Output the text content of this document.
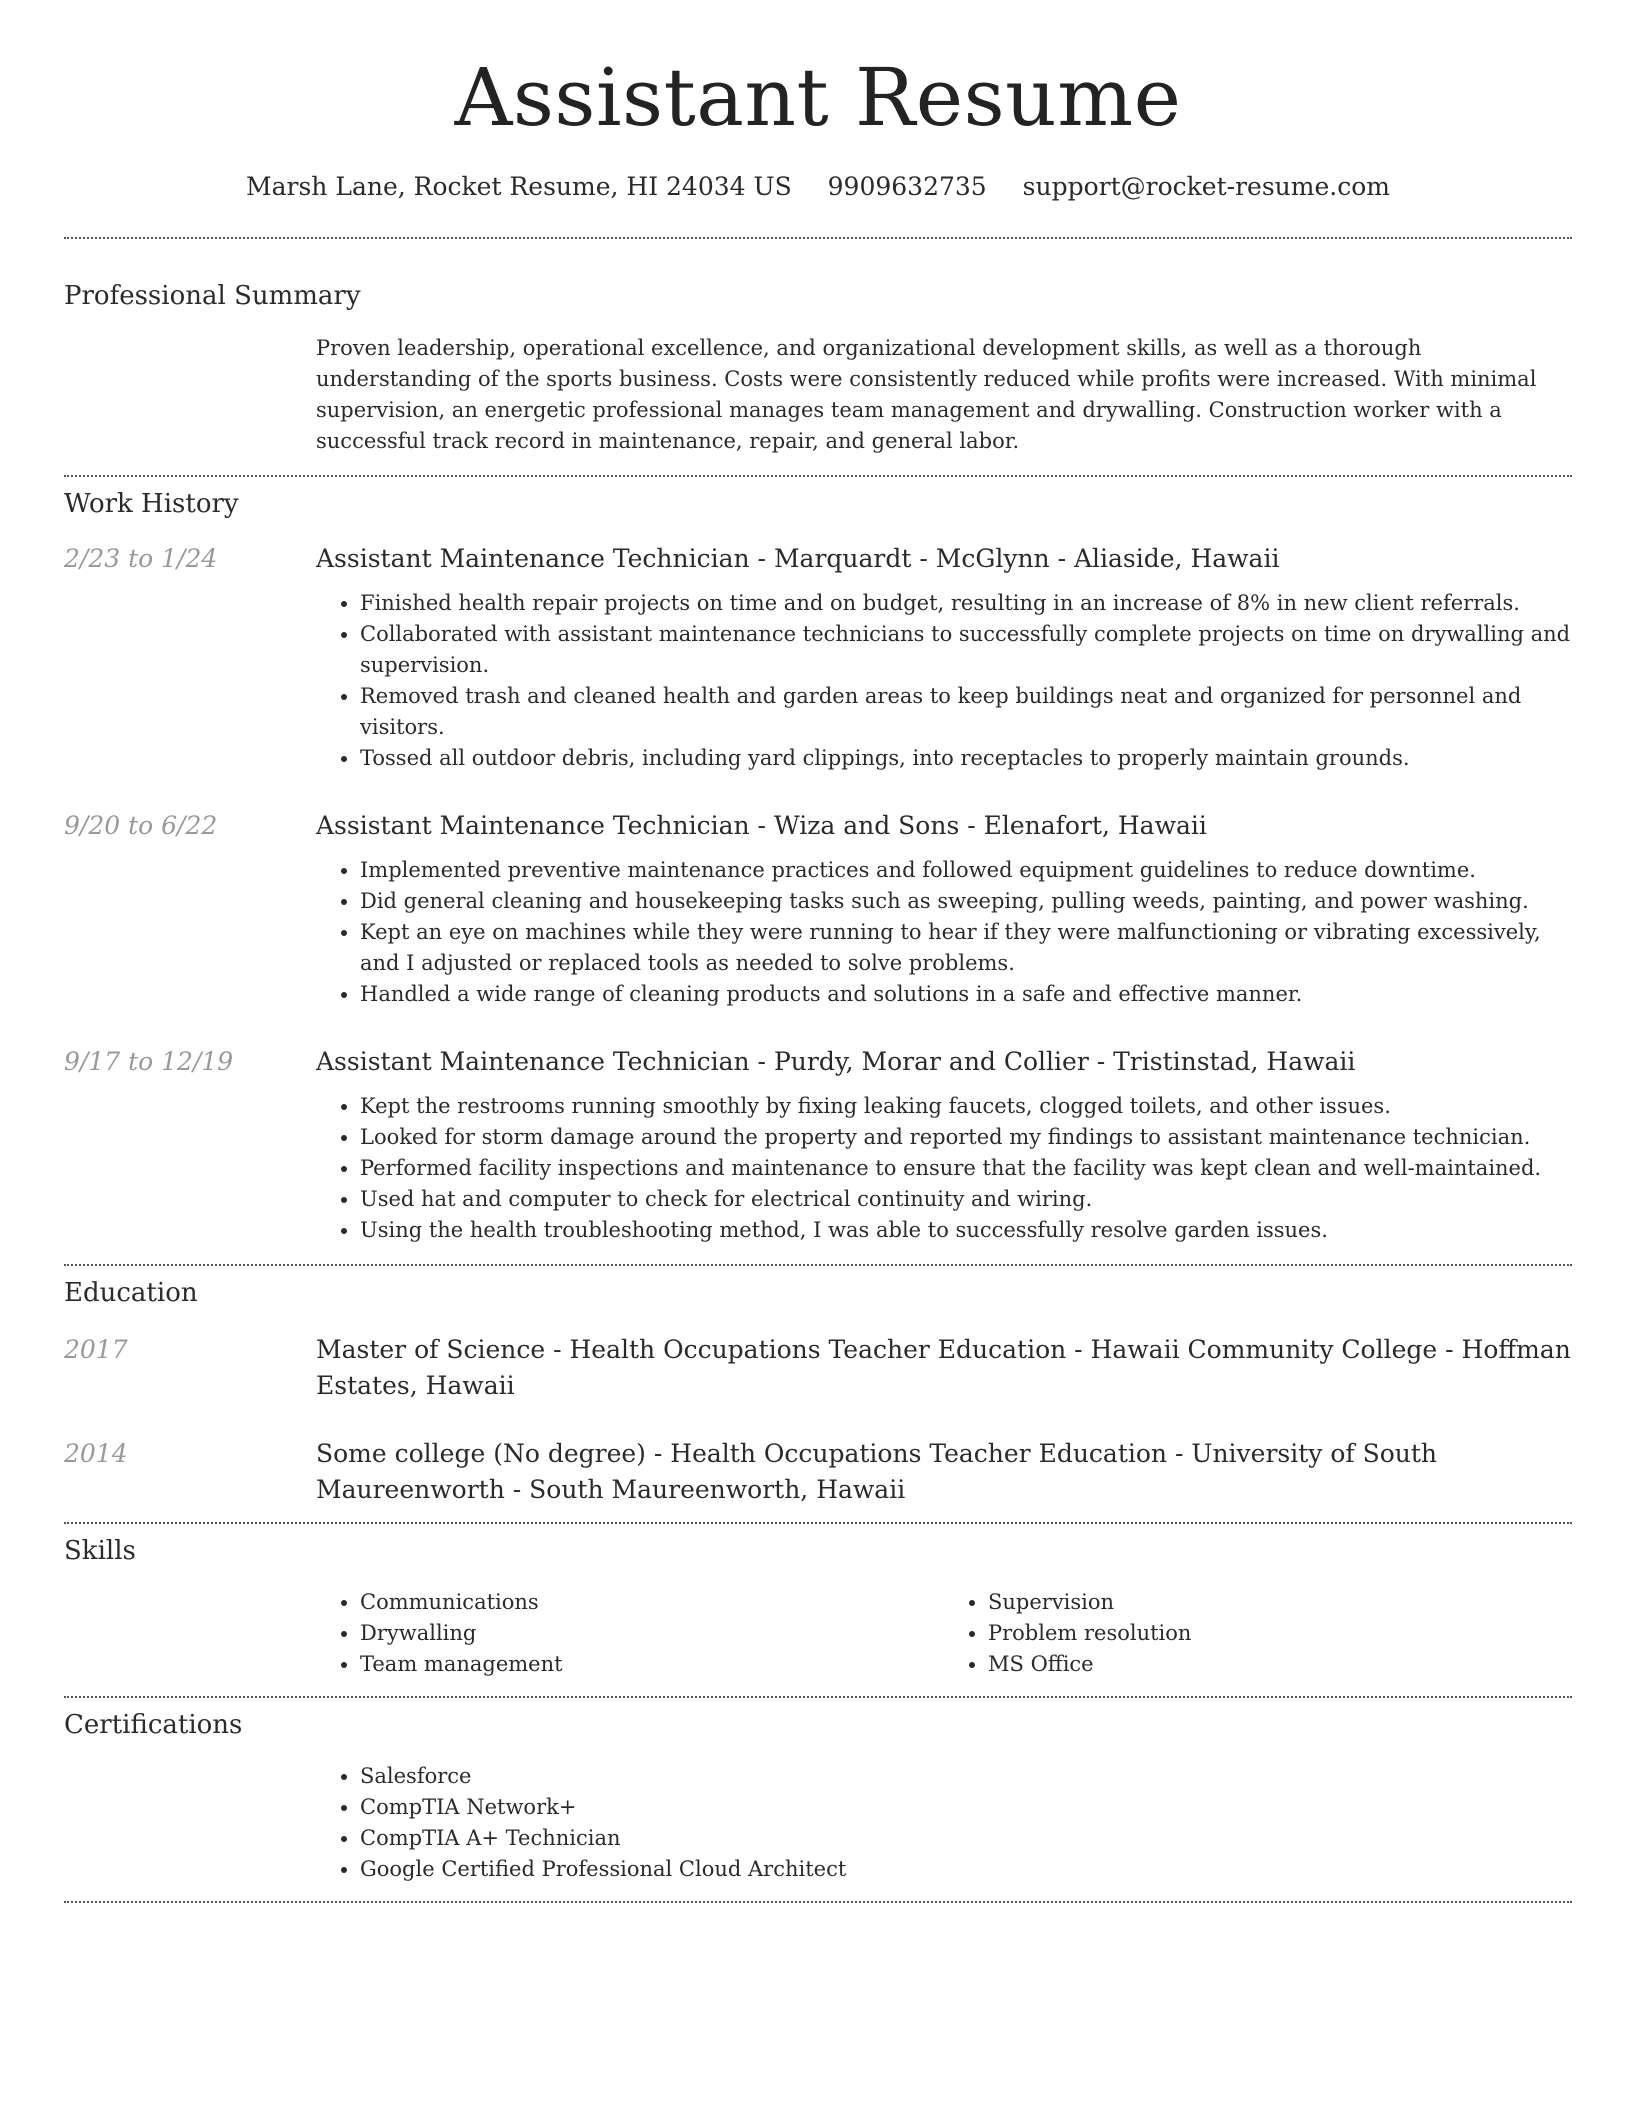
Assistant Resume
Marsh Lane, Rocket Resume, HI 24034 US 9909632735 support@rocket-resume.com
Professional Summary

Proven leadership, operational excellence, and organizational development skills, as well as a thorough understanding of the sports business. Costs were consistently reduced while profits were increased. With minimal supervision, an energetic professional manages team management and drywalling. Construction worker with a successful track record in maintenance, repair, and general labor.

Work History
2/23 to 1/24	Assistant Maintenance Technician - Marquardt - McGlynn - Aliaside, Hawaii
• Finished health repair projects on time and on budget, resulting in an increase of 8% in new client referrals.
• Collaborated with assistant maintenance technicians to successfully complete projects on time on drywalling and supervision.
• Removed trash and cleaned health and garden areas to keep buildings neat and organized for personnel and visitors.
• Tossed all outdoor debris, including yard clippings, into receptacles to properly maintain grounds.
9/20 to 6/22	Assistant Maintenance Technician - Wiza and Sons - Elenafort, Hawaii
• Implemented preventive maintenance practices and followed equipment guidelines to reduce downtime.
• Did general cleaning and housekeeping tasks such as sweeping, pulling weeds, painting, and power washing.
• Kept an eye on machines while they were running to hear if they were malfunctioning or vibrating excessively, and I adjusted or replaced tools as needed to solve problems.
• Handled a wide range of cleaning products and solutions in a safe and effective manner.
9/17 to 12/19	Assistant Maintenance Technician - Purdy, Morar and Collier - Tristinstad, Hawaii
• Kept the restrooms running smoothly by fixing leaking faucets, clogged toilets, and other issues.
• Looked for storm damage around the property and reported my findings to assistant maintenance technician.
• Performed facility inspections and maintenance to ensure that the facility was kept clean and well-maintained.
• Used hat and computer to check for electrical continuity and wiring.
• Using the health troubleshooting method, I was able to successfully resolve garden issues.
Education
2017	Master of Science - Health Occupations Teacher Education - Hawaii Community College - Hoffman Estates, Hawaii
2014	Some college (No degree) - Health Occupations Teacher Education - University of South Maureenworth - South Maureenworth, Hawaii
Skills
• Communications
• Drywalling
• Team management
• Supervision
• Problem resolution
• MS Office
Certifications
• Salesforce
• CompTIA Network+
• CompTIA A+ Technician
• Google Certified Professional Cloud Architect
